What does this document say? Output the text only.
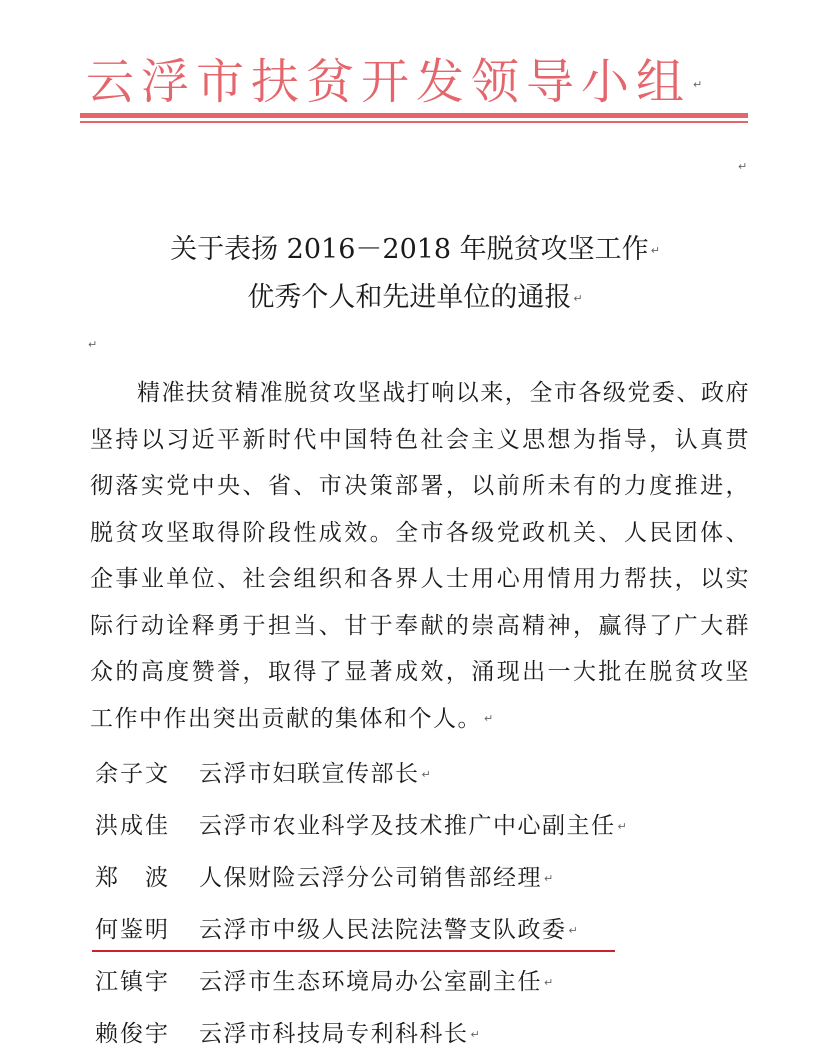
云浮市扶贫开发领导小组 ↵
↵
关于表扬 2016－2018 年脱贫攻坚工作 ↵
优秀个人和先进单位的通报 ↵
↵
精准扶贫精准脱贫攻坚战打响以来，全市各级党委、政府坚持以习近平新时代中国特色社会主义思想为指导，认真贯彻落实党中央、省、市决策部署，以前所未有的力度推进，脱贫攻坚取得阶段性成效。全市各级党政机关、人民团体、企事业单位、社会组织和各界人士用心用情用力帮扶，以实际行动诠释勇于担当、甘于奉献的崇高精神，赢得了广大群众的高度赞誉，取得了显著成效，涌现出一大批在脱贫攻坚工作中作出突出贡献的集体和个人。 ↵
余子文 云浮市妇联宣传部长 ↵
洪成佳 云浮市农业科学及技术推广中心副主任 ↵
郑　波 人保财险云浮分公司销售部经理 ↵
何鉴明 云浮市中级人民法院法警支队政委 ↵
江镇宇 云浮市生态环境局办公室副主任 ↵
赖俊宇 云浮市科技局专利科科长 ↵
